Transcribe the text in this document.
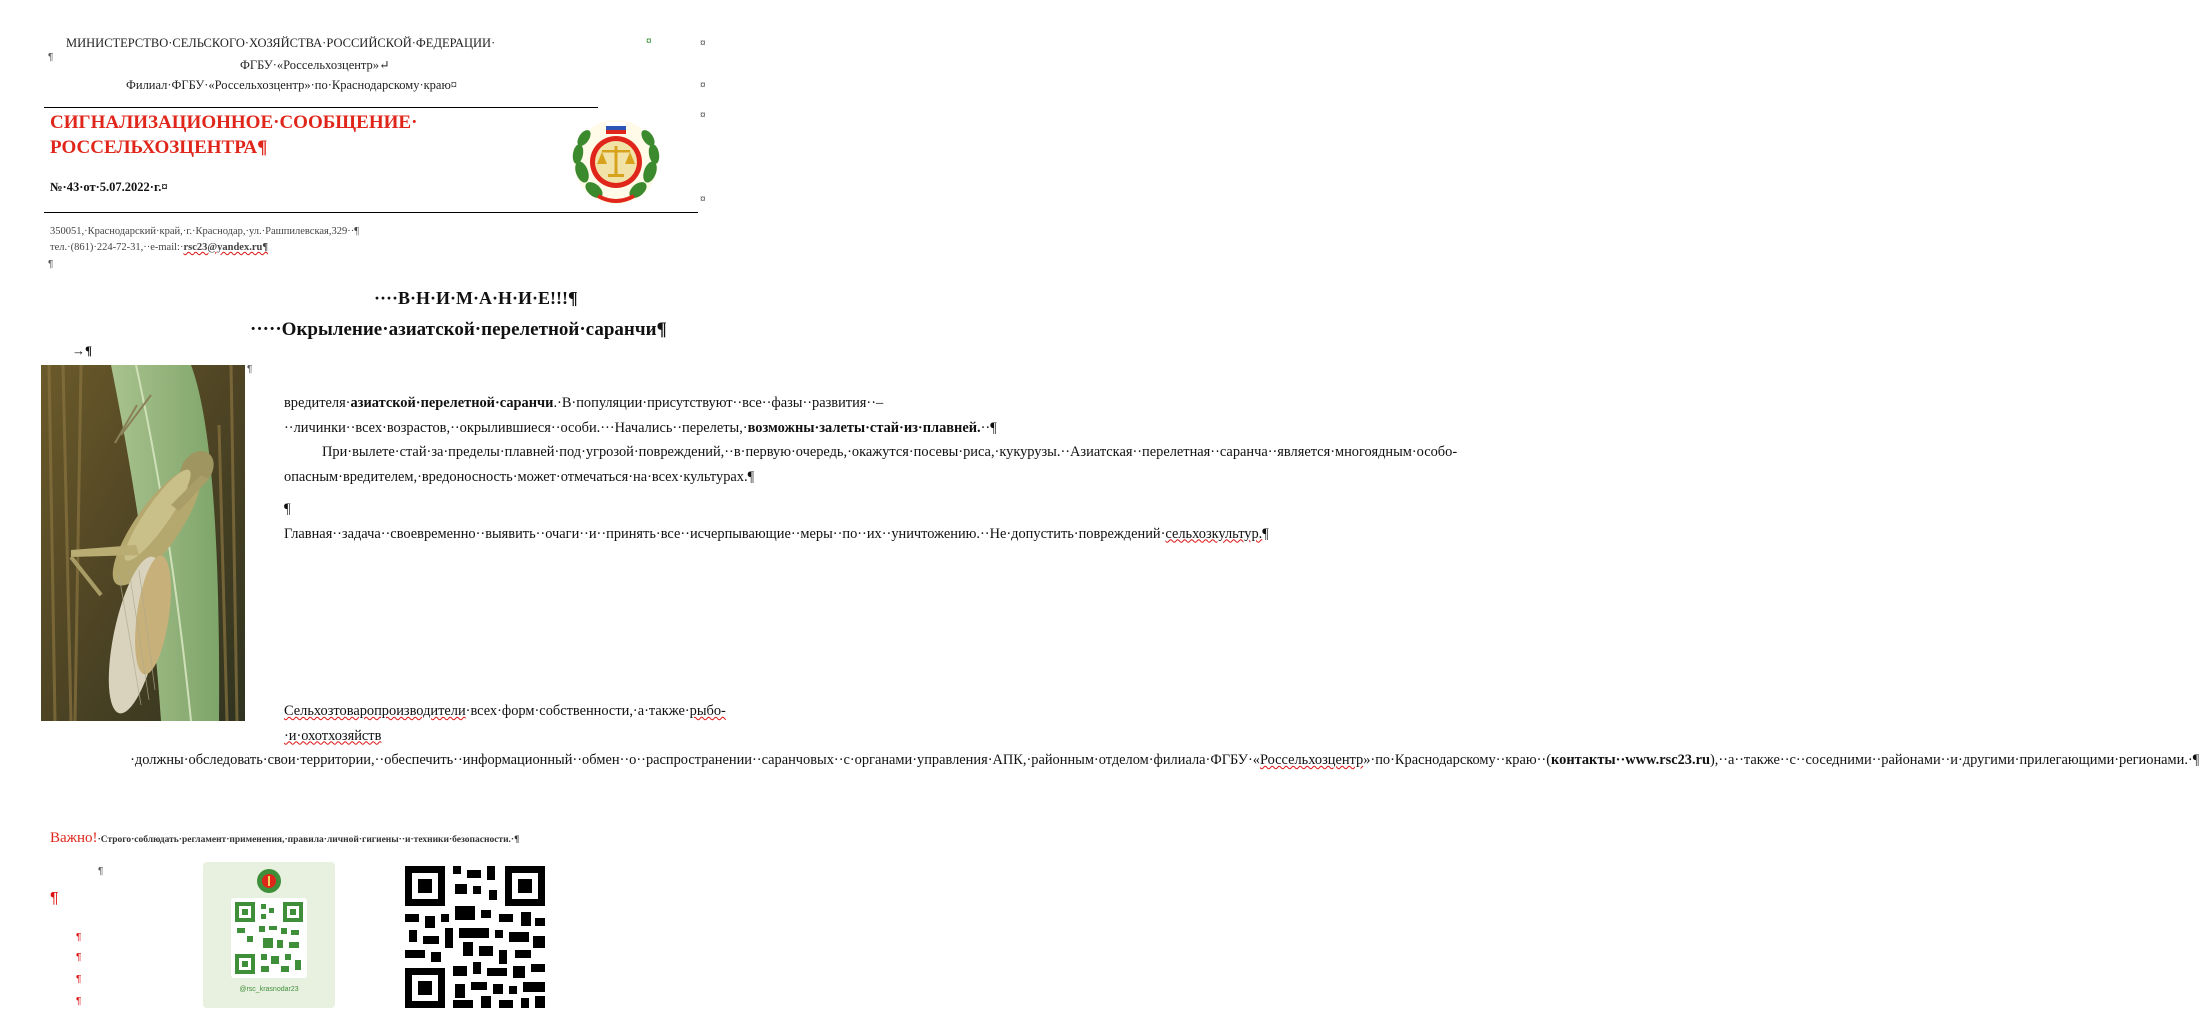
МИНИСТЕРСТВО·СЕЛЬСКОГО·ХОЗЯЙСТВА·РОССИЙСКОЙ·ФЕДЕРАЦИИ·
¶
ФГБУ·«Россельхозцентр»↵
Филиал·ФГБУ·«Россельхозцентр»·по·Краснодарскому·краю¤
¤	¤
¤
СИГНАЛИЗАЦИОННОЕ·СООБЩЕНИЕ·
РОССЕЛЬХОЗЦЕНТРА¶
№·43·от·5.07.2022·г.¤
¤
¤
350051,·Краснодарский·край,·г.·Краснодар,·ул.·Рашпилевская,329··¶
тел.·(861)·224-72-31,··e-mail:·rsc23@yandex.ru¶
¶
····В·Н·И·М·А·Н·И·Е!!!¶
·····Окрыление·азиатской·перелетной·саранчи¶
→¶
¶

вредителя·азиатской·перелетной·саранчи.·В·популяции·присутствуют··все··фазы··развития··–··личинки··всех·возрастов,··окрылившиеся··особи.···Начались··перелеты,·возможны·залеты·стай·из·плавней.··¶

При·вылете·стай·за·пределы·плавней·под·угрозой·повреждений,··в·первую·очередь,·окажутся·посевы·риса,·кукурузы.··Азиатская··перелетная··саранча··является·многоядным·особо-опасным·вредителем,·вредоносность·может·отмечаться·на·всех·культурах.¶

¶

Главная··задача··своевременно··выявить··очаги··и··принять·все··исчерпывающие··меры··по··их··уничтожению.··Не·допустить·повреждений·сельхозкультур.¶

Сельхозтоваропроизводители·всех·форм·собственности,·а·также·рыбо-·и·охотхозяйств
·должны·обследовать·свои·территории,··обеспечить··информационный··обмен··о··распространении··саранчовых··с·органами·управления·АПК,·районным·отделом·филиала·ФГБУ·«Россельхозцентр»·по·Краснодарскому··краю··(контакты··www.rsc23.ru),··а··также··с··соседними··районами··и·другими·прилегающими·регионами.·¶
Важно!·Строго·соблюдать·регламент·применения,·правила·личной·гигиены··и·техники·безопасности.·¶
¶
¶
¶
¶
¶
¶
@rsc_krasnodar23
